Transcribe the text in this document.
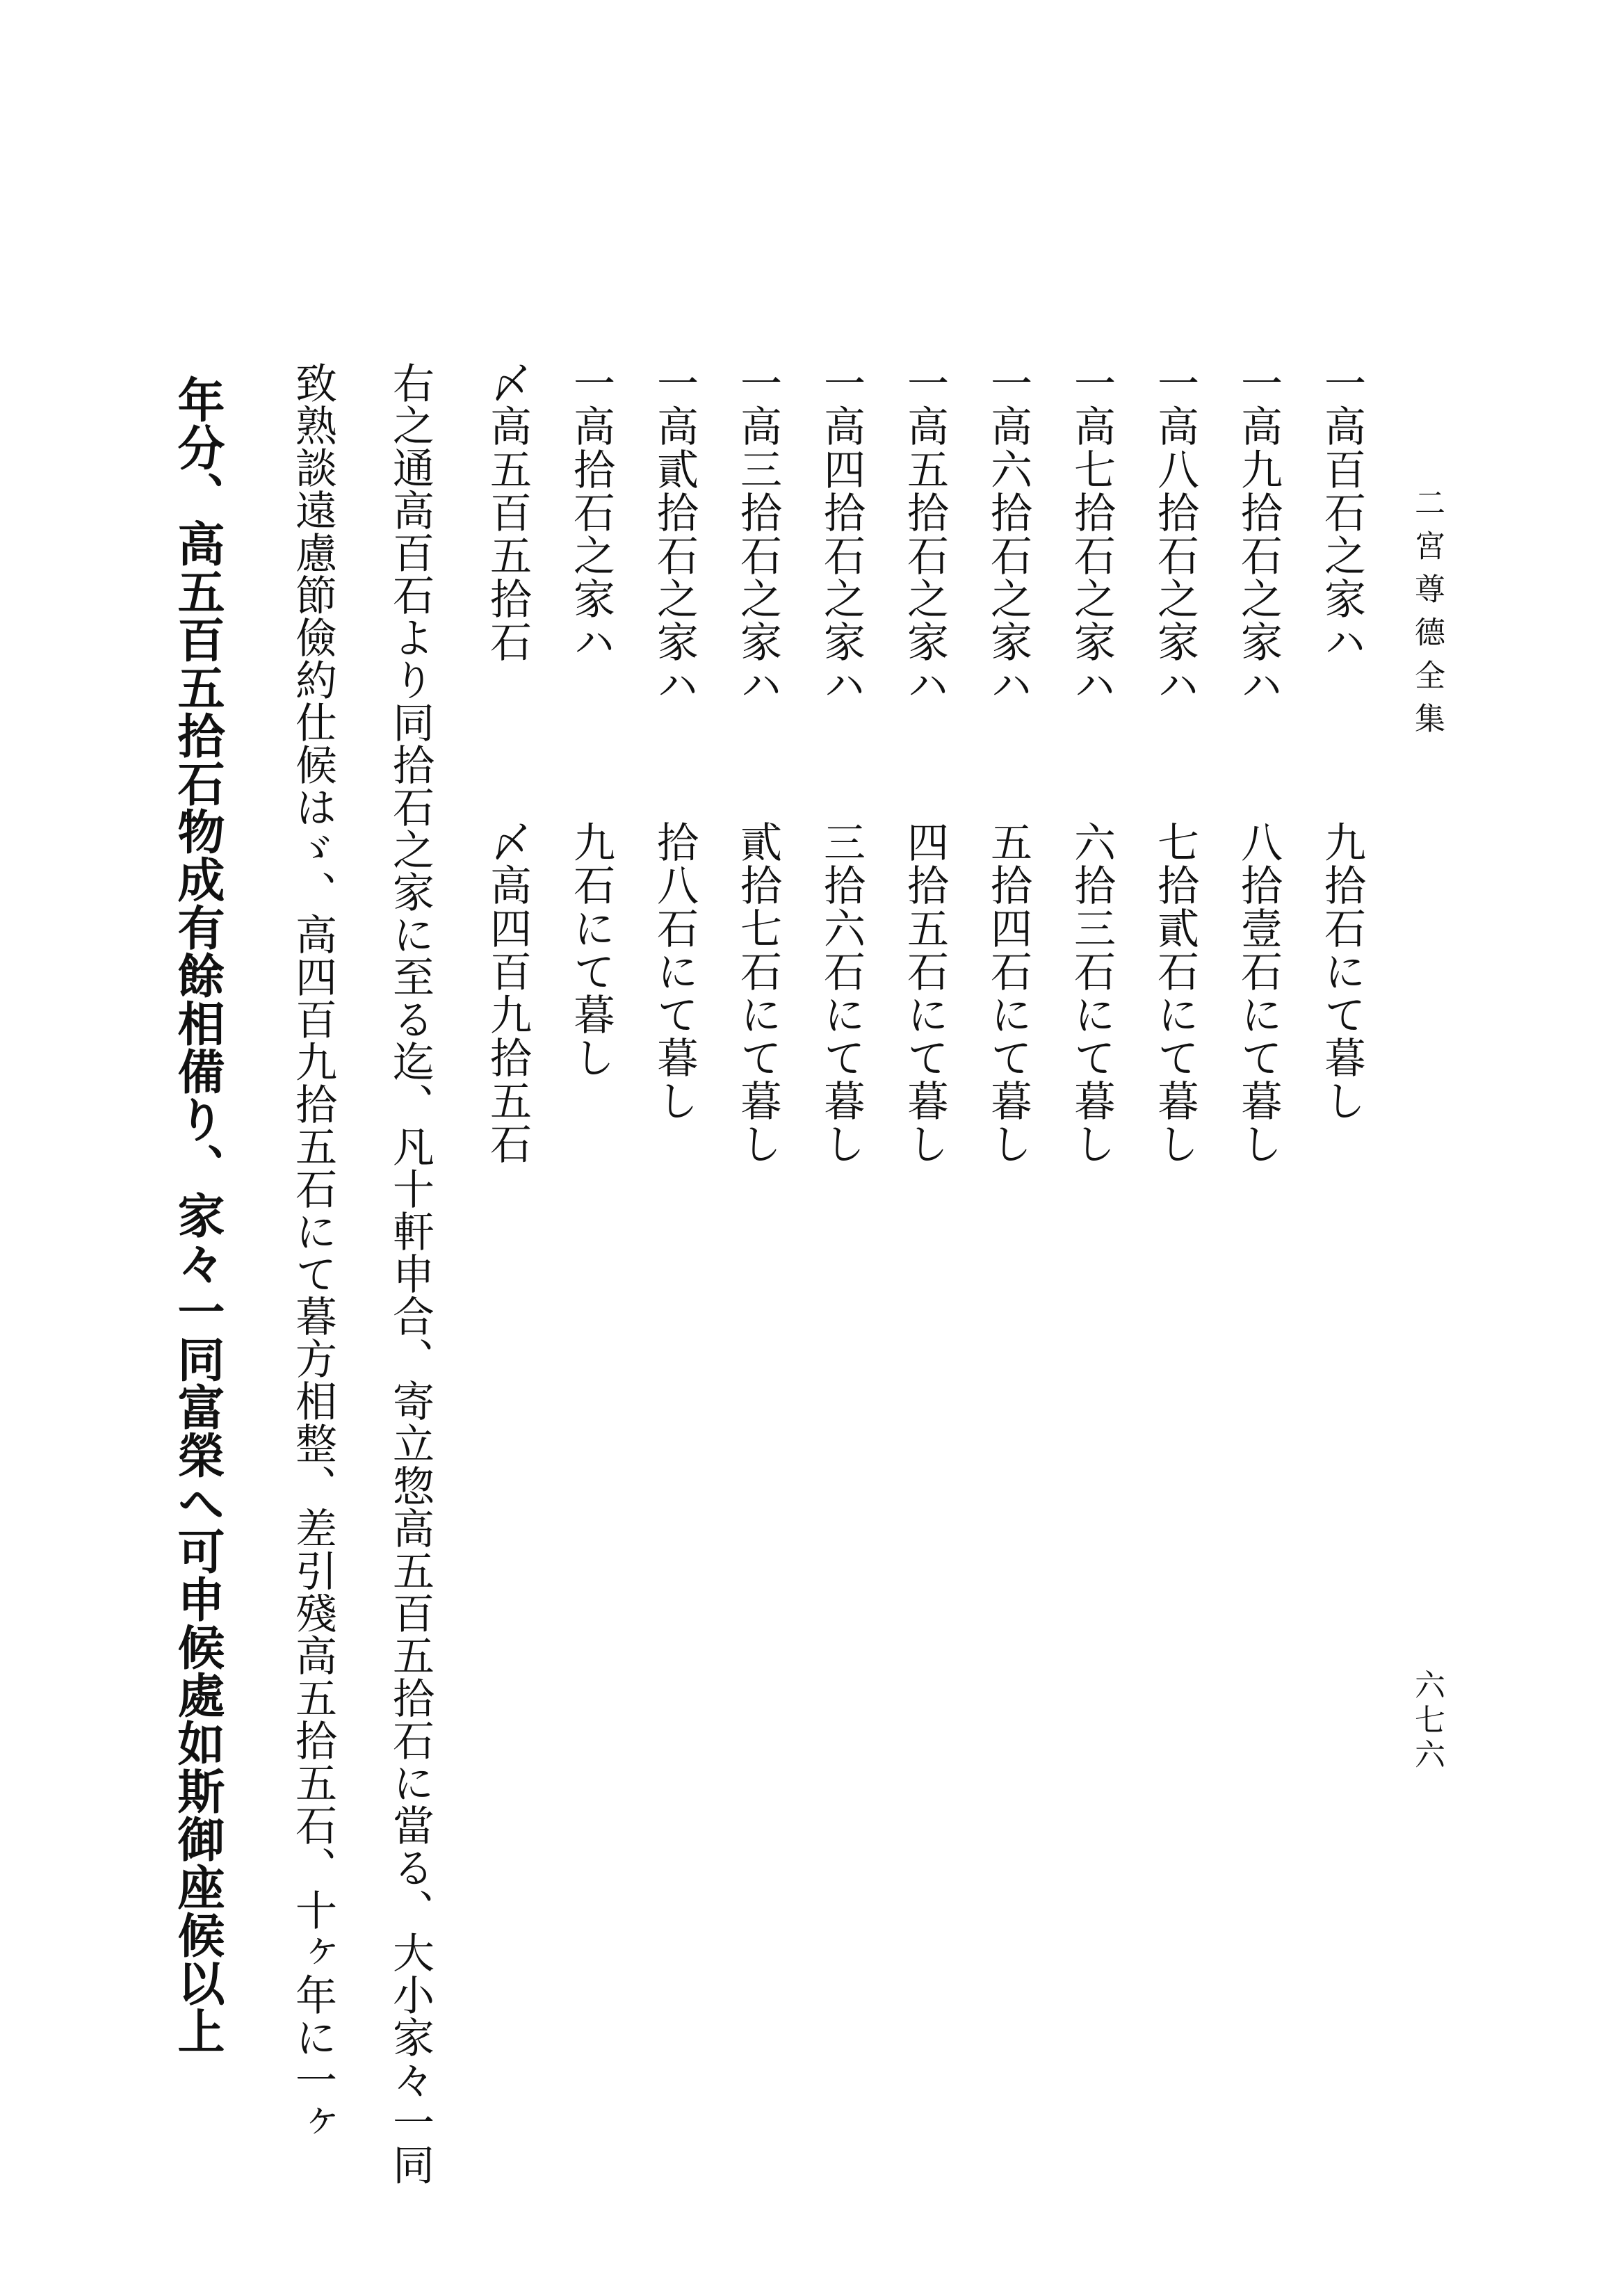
二宮尊德全集
六七六
一高百石之家ハ
九拾石にて暮し
一高九拾石之家ハ
八拾壹石にて暮し
一高八拾石之家ハ
七拾貳石にて暮し
一高七拾石之家ハ
六拾三石にて暮し
一高六拾石之家ハ
五拾四石にて暮し
一高五拾石之家ハ
四拾五石にて暮し
一高四拾石之家ハ
三拾六石にて暮し
一高三拾石之家ハ
貳拾七石にて暮し
一高貳拾石之家ハ
拾八石にて暮し
一高拾石之家ハ
九石にて暮し
〆高五百五拾石
〆高四百九拾五石
右之通高百石より同拾石之家に至る迄、凡十軒申合、寄立惣高五百五拾石に當る、大小家々一同
致熟談遠慮節儉約仕候はゞ、高四百九拾五石にて暮方相整、差引殘高五拾五石、十ヶ年に一ヶ
年分、高五百五拾石物成有餘相備り、家々一同富榮へ可申候處如斯御座候以上
